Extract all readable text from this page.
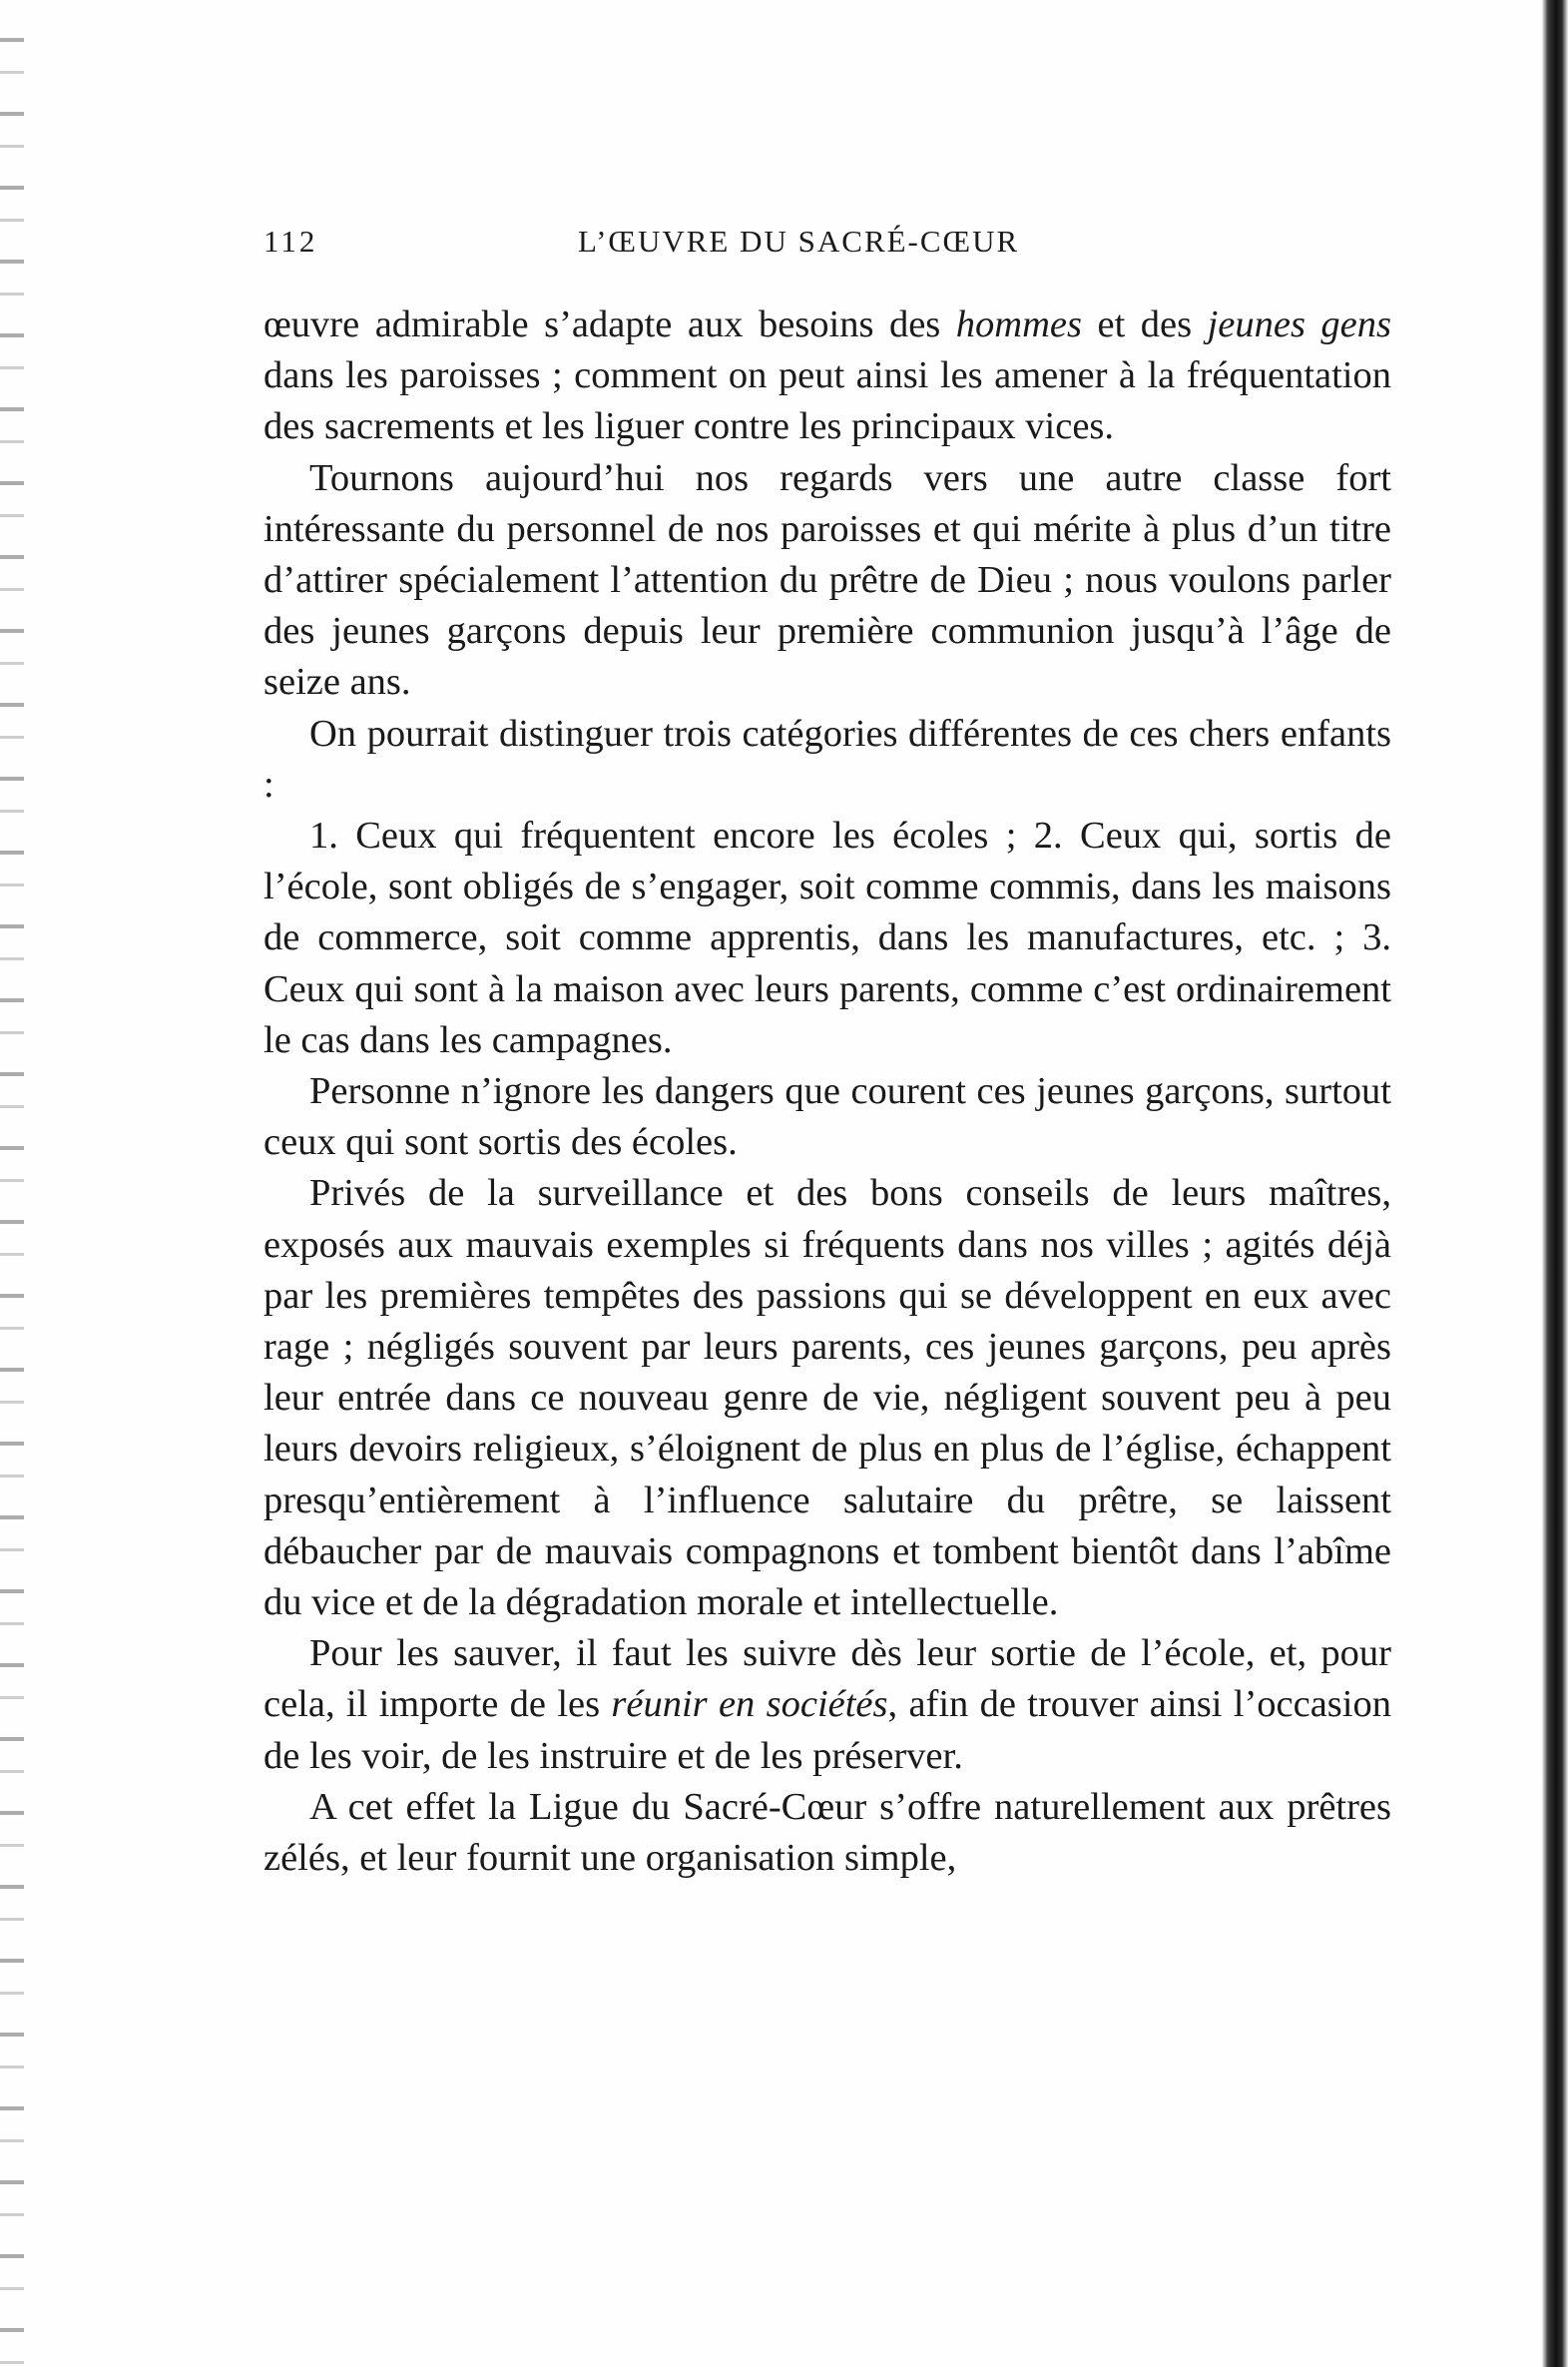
112	L’ŒUVRE DU SACRÉ-CŒUR

œuvre admirable s’adapte aux besoins des hommes et des jeunes gens dans les paroisses ; comment on peut ainsi les amener à la fréquentation des sacrements et les liguer contre les principaux vices.

Tournons aujourd’hui nos regards vers une autre classe fort intéressante du personnel de nos paroisses et qui mérite à plus d’un titre d’attirer spécialement l’attention du prêtre de Dieu ; nous voulons parler des jeunes garçons depuis leur première communion jusqu’à l’âge de seize ans.

On pourrait distinguer trois catégories différentes de ces chers enfants :

1. Ceux qui fréquentent encore les écoles ; 2. Ceux qui, sortis de l’école, sont obligés de s’engager, soit comme commis, dans les maisons de commerce, soit comme apprentis, dans les manufactures, etc. ; 3. Ceux qui sont à la maison avec leurs parents, comme c’est ordinairement le cas dans les campagnes.

Personne n’ignore les dangers que courent ces jeunes garçons, surtout ceux qui sont sortis des écoles.

Privés de la surveillance et des bons conseils de leurs maîtres, exposés aux mauvais exemples si fréquents dans nos villes ; agités déjà par les premières tempêtes des passions qui se développent en eux avec rage ; négligés souvent par leurs parents, ces jeunes garçons, peu après leur entrée dans ce nouveau genre de vie, négligent souvent peu à peu leurs devoirs religieux, s’éloignent de plus en plus de l’église, échappent presqu’entièrement à l’influence salutaire du prêtre, se laissent débaucher par de mauvais compagnons et tombent bientôt dans l’abîme du vice et de la dégradation morale et intellectuelle.

Pour les sauver, il faut les suivre dès leur sortie de l’école, et, pour cela, il importe de les réunir en sociétés, afin de trouver ainsi l’occasion de les voir, de les instruire et de les préserver.

A cet effet la Ligue du Sacré-Cœur s’offre naturellement aux prêtres zélés, et leur fournit une organisation simple,
